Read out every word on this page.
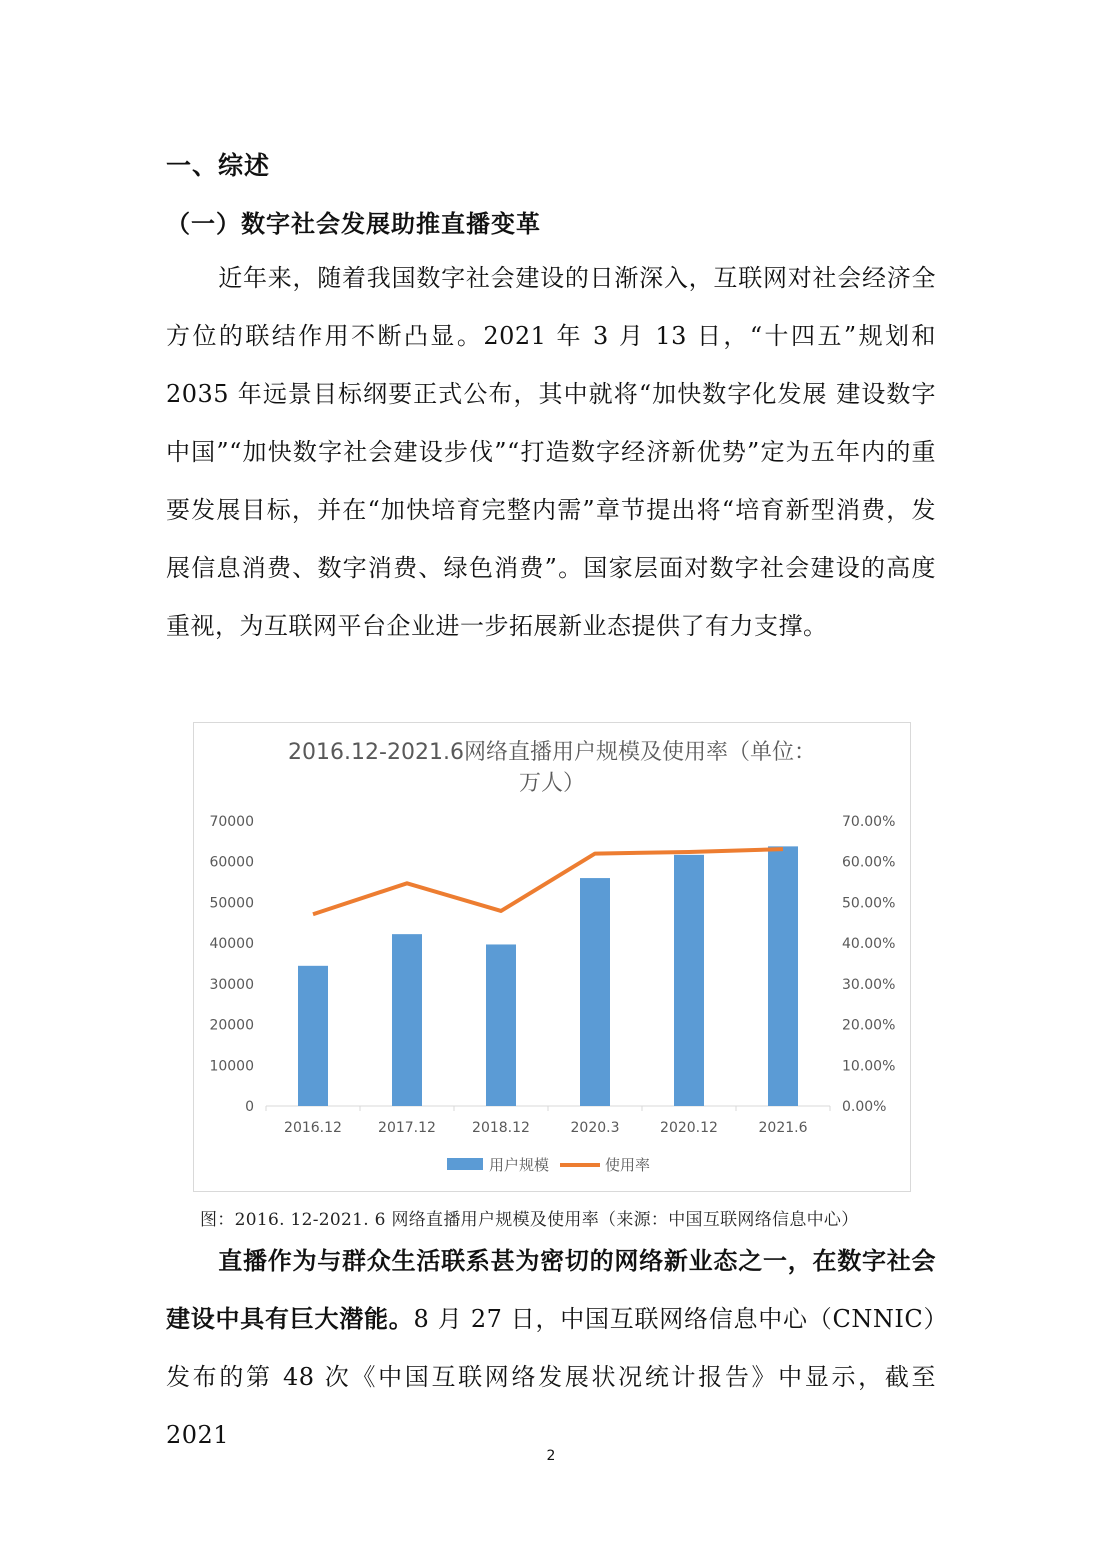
一、综述
（一）数字社会发展助推直播变革
近年来，随着我国数字社会建设的日渐深入，互联网对社会经济全方位的联结作用不断凸显。2021 年 3 月 13 日，“十四五”规划和 2035 年远景目标纲要正式公布，其中就将“加快数字化发展 建设数字中国”“加快数字社会建设步伐”“打造数字经济新优势”定为五年内的重要发展目标，并在“加快培育完整内需”章节提出将“培育新型消费，发展信息消费、数字消费、绿色消费”。国家层面对数字社会建设的高度重视，为互联网平台企业进一步拓展新业态提供了有力支撑。
2016.12-2021.6网络直播用户规模及使用率（单位：
万人）
0
10000
20000
30000
40000
50000
60000
70000
0.00%
10.00%
20.00%
30.00%
40.00%
50.00%
60.00%
70.00%
2016.12	2017.12	2018.12	2020.3	2020.12	2021.6
用户规模	使用率
图：2016. 12-2021. 6 网络直播用户规模及使用率（来源：中国互联网络信息中心）
直播作为与群众生活联系甚为密切的网络新业态之一，在数字社会建设中具有巨大潜能。8 月 27 日，中国互联网络信息中心（CNNIC）发布的第 48 次《中国互联网络发展状况统计报告》中显示，截至 2021
2
